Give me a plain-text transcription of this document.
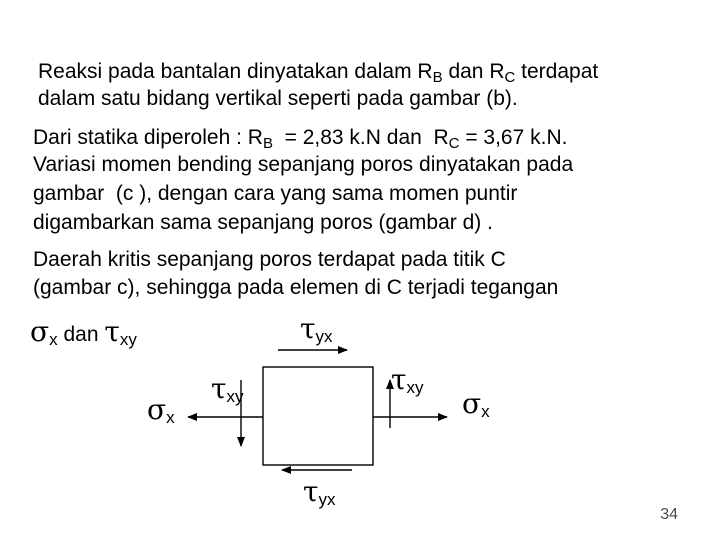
Reaksi pada bantalan dinyatakan dalam $R_B$ dan $R_C$ terdapat
dalam satu bidang vertikal seperti pada gambar (b).
Dari statika diperoleh : $R_B = 2,83$ k.N dan  $R_C = 3,67$ k.N.
Variasi momen bending sepanjang poros dinyatakan pada
gambar  (c ), dengan cara yang sama momen puntir
digambarkan sama sepanjang poros (gambar d) .
Daerah kritis sepanjang poros terdapat pada titik C
(gambar c), sehingga pada elemen di C terjadi tegangan
$\sigma_x$ dan $\tau_{xy}$	$\tau_{yx}$
$\tau_{xy}$
$\tau_{xy}$
$\sigma_x$	$\sigma_x$
$\tau_{yx}$
34
